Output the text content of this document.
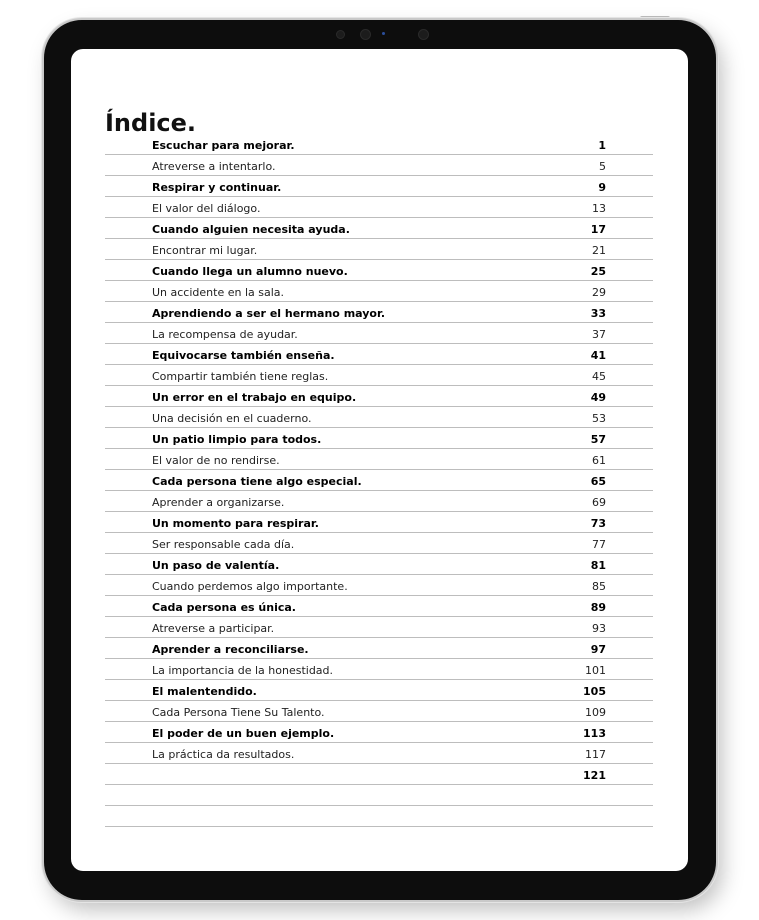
Índice.
Escuchar para mejorar.	1
Atreverse a intentarlo.	5
Respirar y continuar.	9
El valor del diálogo.	13
Cuando alguien necesita ayuda.	17
Encontrar mi lugar.	21
Cuando llega un alumno nuevo.	25
Un accidente en la sala.	29
Aprendiendo a ser el hermano mayor.	33
La recompensa de ayudar.	37
Equivocarse también enseña.	41
Compartir también tiene reglas.	45
Un error en el trabajo en equipo.	49
Una decisión en el cuaderno.	53
Un patio limpio para todos.	57
El valor de no rendirse.	61
Cada persona tiene algo especial.	65
Aprender a organizarse.	69
Un momento para respirar.	73
Ser responsable cada día.	77
Un paso de valentía.	81
Cuando perdemos algo importante.	85
Cada persona es única.	89
Atreverse a participar.	93
Aprender a reconciliarse.	97
La importancia de la honestidad.	101
El malentendido.	105
Cada Persona Tiene Su Talento.	109
El poder de un buen ejemplo.	113
La práctica da resultados.	117
121
